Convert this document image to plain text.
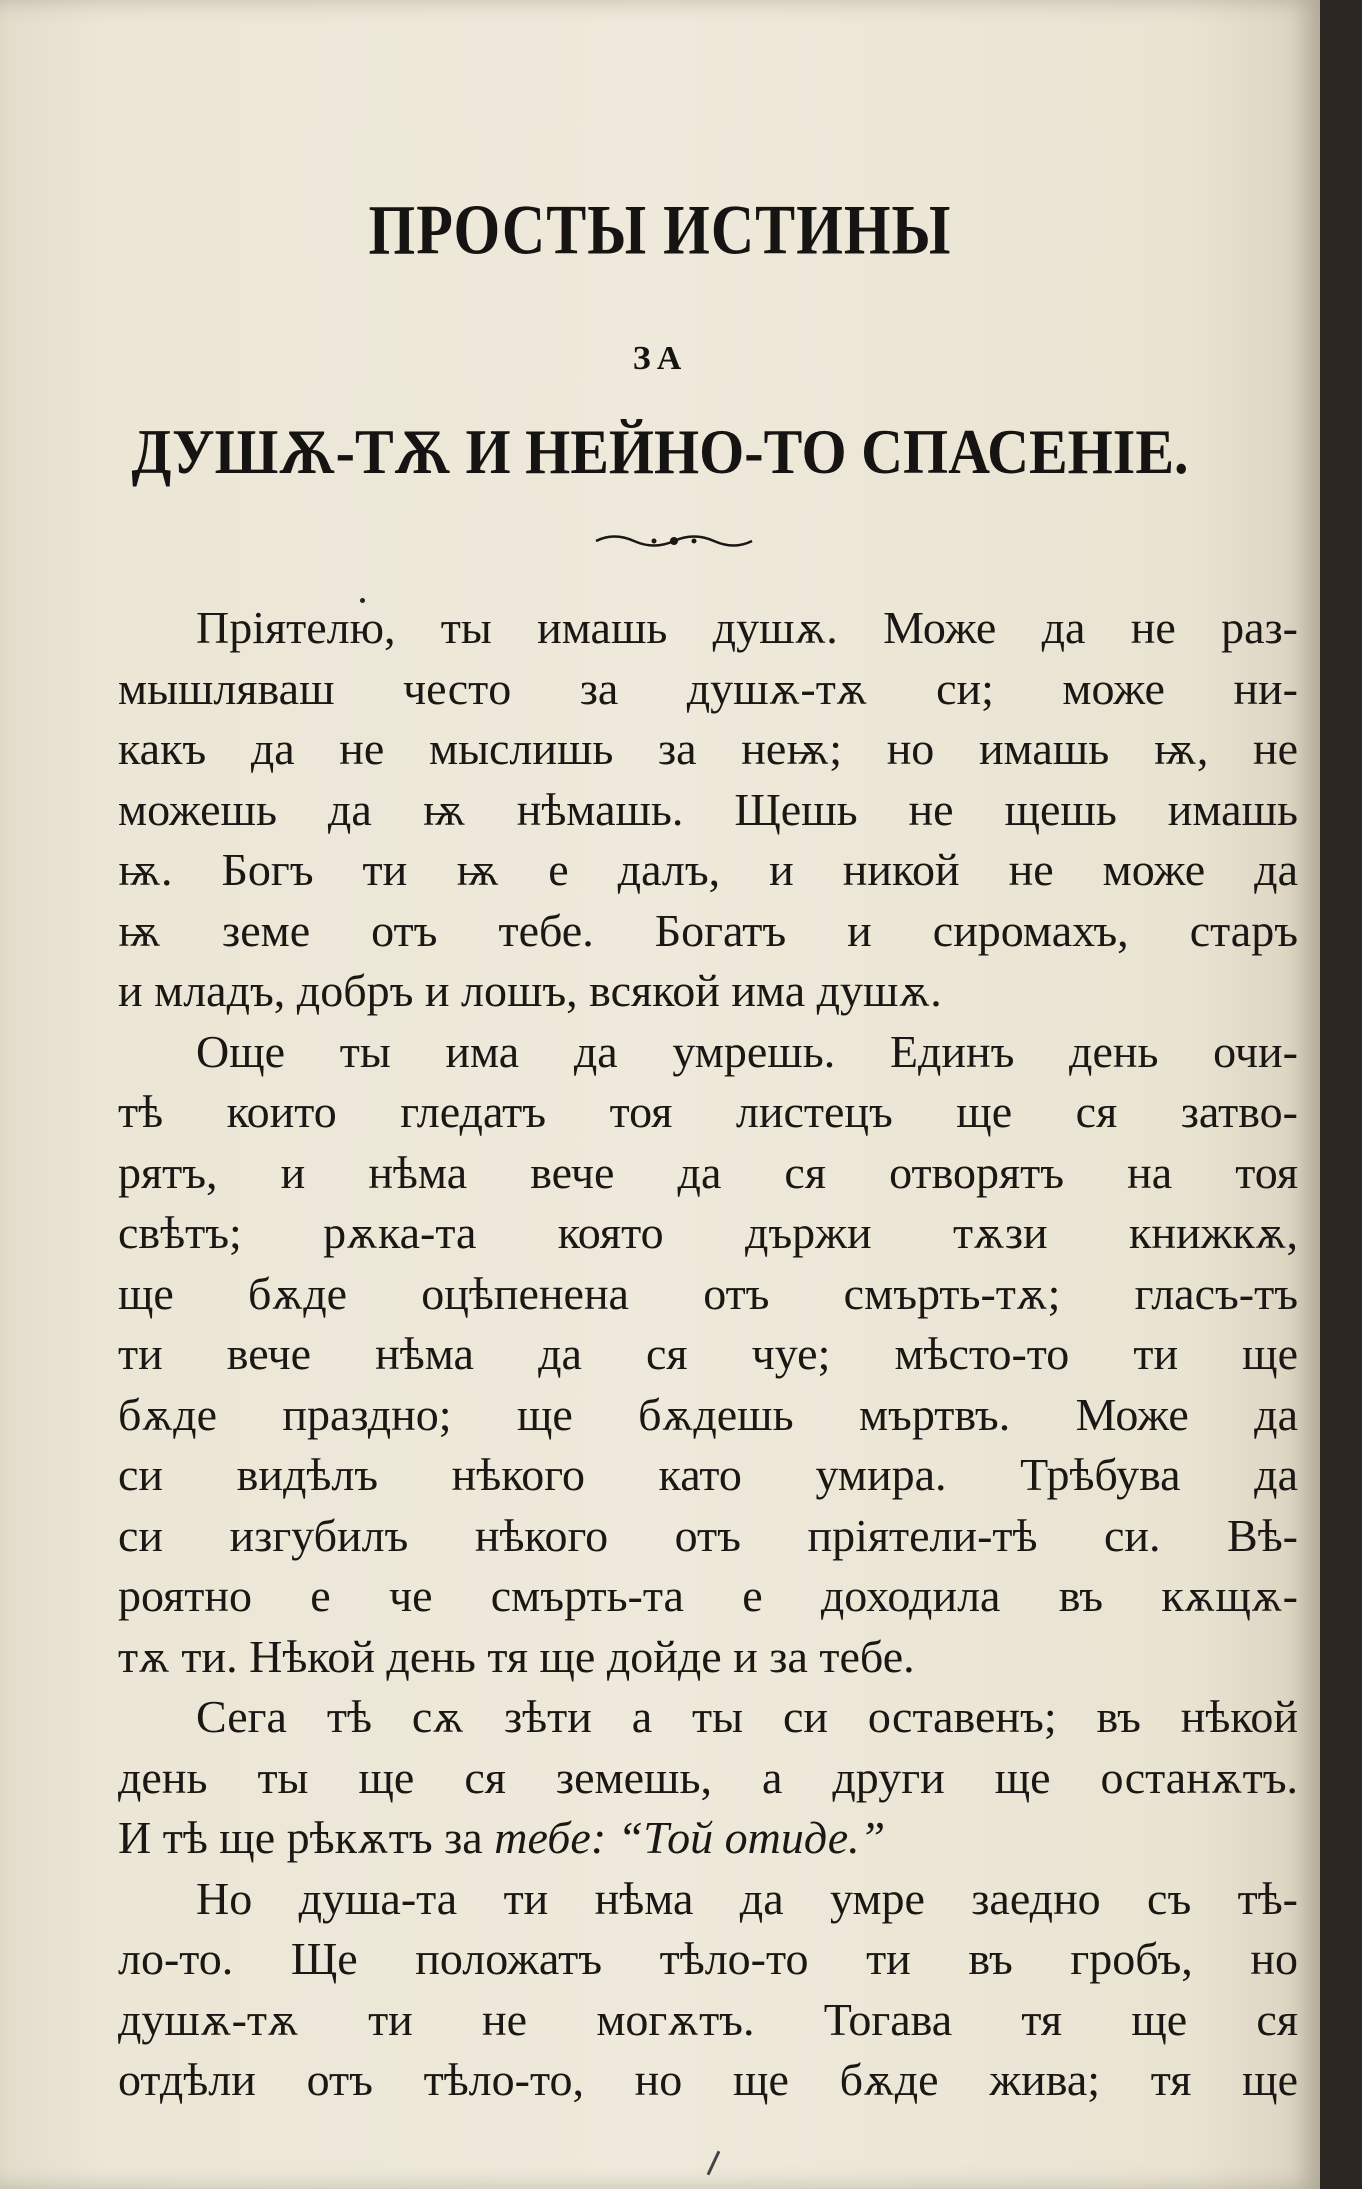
ПРОСТЫ ИСТИНЫ
ЗА
ДУШѪ-ТѪ И НЕЙНО-ТО СПАСЕНІЕ.
Пріятелю, ты имашь душѫ. Може да не раз-
мышляваш честo за душѫ-тѫ си; може ни-
какъ да не мыслишь за неѭ; но имашь ѭ, не
можешь да ѭ нѣмашь. Щешь не щешь имашь
ѭ. Богъ ти ѭ е далъ, и никой не може да
ѭ земе отъ тебе. Богатъ и сиромахъ, старъ
и младъ, добръ и лошъ, всякой има душѫ.
Още ты има да умрешь. Единъ день очи-
тѣ които гледатъ тоя листецъ ще ся затво-
рятъ, и нѣма вече да ся отворятъ на тоя
свѣтъ; рѫка-та която държи тѫзи книжкѫ,
ще бѫде оцѣпенена отъ смърть-тѫ; гласъ-тъ
ти вече нѣма да ся чуе; мѣсто-то ти ще
бѫде праздно; ще бѫдешь мъртвъ. Може да
си видѣлъ нѣкого като умира. Трѣбува да
си изгубилъ нѣкого отъ пріятели-тѣ си. Вѣ-
роятно е че смърть-та е доходила въ кѫщѫ-
тѫ ти. Нѣкой день тя ще дойде и за тебе.
Сега тѣ сѫ зѣти а ты си оставенъ; въ нѣкой
день ты ще ся земешь, а други ще останѫтъ.
И тѣ ще рѣкѫтъ за тебе: “Той отиде.”
Но душа-та ти нѣма да умре заедно съ тѣ-
ло-то. Ще положатъ тѣло-то ти въ гробъ, но
душѫ-тѫ ти не могѫтъ. Тогава тя ще ся
отдѣли отъ тѣло-то, но ще бѫде жива; тя ще
